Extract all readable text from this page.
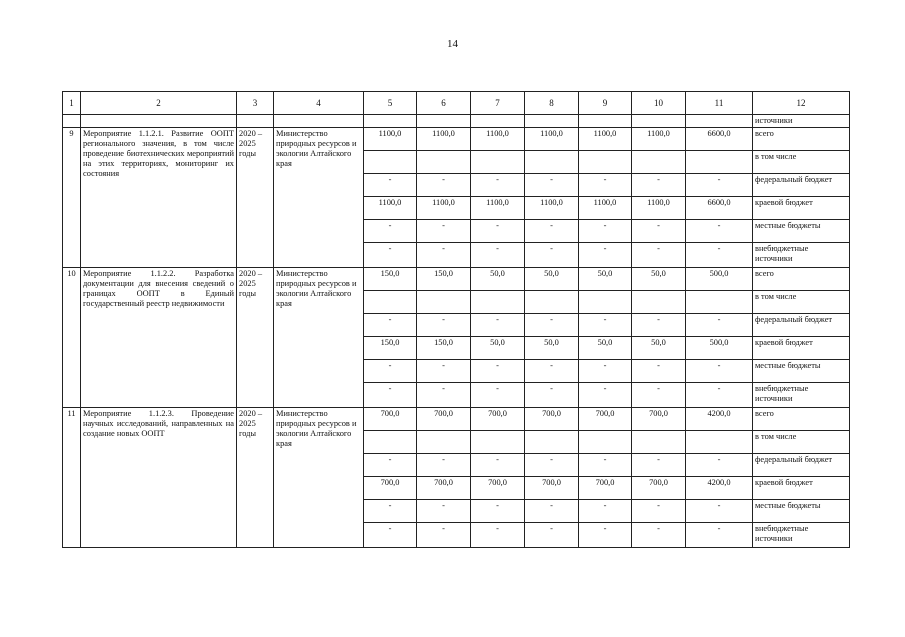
14
1	2	3	4	5	6	7	8	9	10	11	12
											источники
9	Мероприятие 1.1.2.1. Развитие ООПТ регионального значения, в том числе проведение биотехнических мероприятий на этих территориях, мониторинг их состояния	2020 – 2025 годы	Министерство природных ресурсов и экологии Алтайского края	1100,0	1100,0	1100,0	1100,0	1100,0	1100,0	6600,0	всего
											в том числе
				-	-	-	-	-	-	-	федеральный бюджет
				1100,0	1100,0	1100,0	1100,0	1100,0	1100,0	6600,0	краевой бюджет
				-	-	-	-	-	-	-	местные бюджеты
				-	-	-	-	-	-	-	внебюджетные источники
10	Мероприятие 1.1.2.2. Разработка документации для внесения сведений о границах ООПТ в Единый государственный реестр недвижимости	2020 – 2025 годы	Министерство природных ресурсов и экологии Алтайского края	150,0	150,0	50,0	50,0	50,0	50,0	500,0	всего
											в том числе
				-	-	-	-	-	-	-	федеральный бюджет
				150,0	150,0	50,0	50,0	50,0	50,0	500,0	краевой бюджет
				-	-	-	-	-	-	-	местные бюджеты
				-	-	-	-	-	-	-	внебюджетные источники
11	Мероприятие 1.1.2.3. Проведение научных исследований, направленных на создание новых ООПТ	2020 – 2025 годы	Министерство природных ресурсов и экологии Алтайского края	700,0	700,0	700,0	700,0	700,0	700,0	4200,0	всего
											в том числе
				-	-	-	-	-	-	-	федеральный бюджет
				700,0	700,0	700,0	700,0	700,0	700,0	4200,0	краевой бюджет
				-	-	-	-	-	-	-	местные бюджеты
				-	-	-	-	-	-	-	внебюджетные источники
